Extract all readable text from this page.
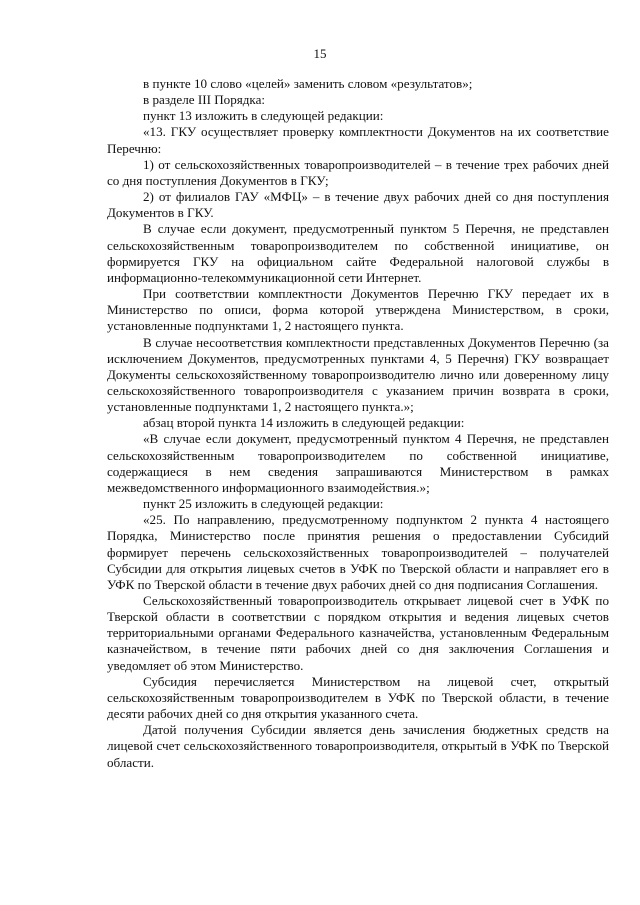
15

в пункте 10 слово «целей» заменить словом «результатов»;

в разделе III Порядка:

пункт 13 изложить в следующей редакции:

«13. ГКУ осуществляет проверку комплектности Документов на их соответствие Перечню:

1) от сельскохозяйственных товаропроизводителей – в течение трех рабочих дней со дня поступления Документов в ГКУ;

2) от филиалов ГАУ «МФЦ» – в течение двух рабочих дней со дня поступления Документов в ГКУ.

В случае если документ, предусмотренный пунктом 5 Перечня, не представлен сельскохозяйственным товаропроизводителем по собственной инициативе, он формируется ГКУ на официальном сайте Федеральной налоговой службы в информационно-телекоммуникационной сети Интернет.

При соответствии комплектности Документов Перечню ГКУ передает их в Министерство по описи, форма которой утверждена Министерством, в сроки, установленные подпунктами 1, 2 настоящего пункта.

В случае несоответствия комплектности представленных Документов Перечню (за исключением Документов, предусмотренных пунктами 4, 5 Перечня) ГКУ возвращает Документы сельскохозяйственному товаропроизводителю лично или доверенному лицу сельскохозяйственного товаропроизводителя с указанием причин возврата в сроки, установленные подпунктами 1, 2 настоящего пункта.»;

абзац второй пункта 14 изложить в следующей редакции:

«В случае если документ, предусмотренный пунктом 4 Перечня, не представлен сельскохозяйственным товаропроизводителем по собственной инициативе, содержащиеся в нем сведения запрашиваются Министерством в рамках межведомственного информационного взаимодействия.»;

пункт 25 изложить в следующей редакции:

«25. По направлению, предусмотренному подпунктом 2 пункта 4 настоящего Порядка, Министерство после принятия решения о предоставлении Субсидий формирует перечень сельскохозяйственных товаропроизводителей – получателей Субсидии для открытия лицевых счетов в УФК по Тверской области и направляет его в УФК по Тверской области в течение двух рабочих дней со дня подписания Соглашения.

Сельскохозяйственный товаропроизводитель открывает лицевой счет в УФК по Тверской области в соответствии с порядком открытия и ведения лицевых счетов территориальными органами Федерального казначейства, установленным Федеральным казначейством, в течение пяти рабочих дней со дня заключения Соглашения и уведомляет об этом Министерство.

Субсидия перечисляется Министерством на лицевой счет, открытый сельскохозяйственным товаропроизводителем в УФК по Тверской области, в течение десяти рабочих дней со дня открытия указанного счета.

Датой получения Субсидии является день зачисления бюджетных средств на лицевой счет сельскохозяйственного товаропроизводителя, открытый в УФК по Тверской области.
